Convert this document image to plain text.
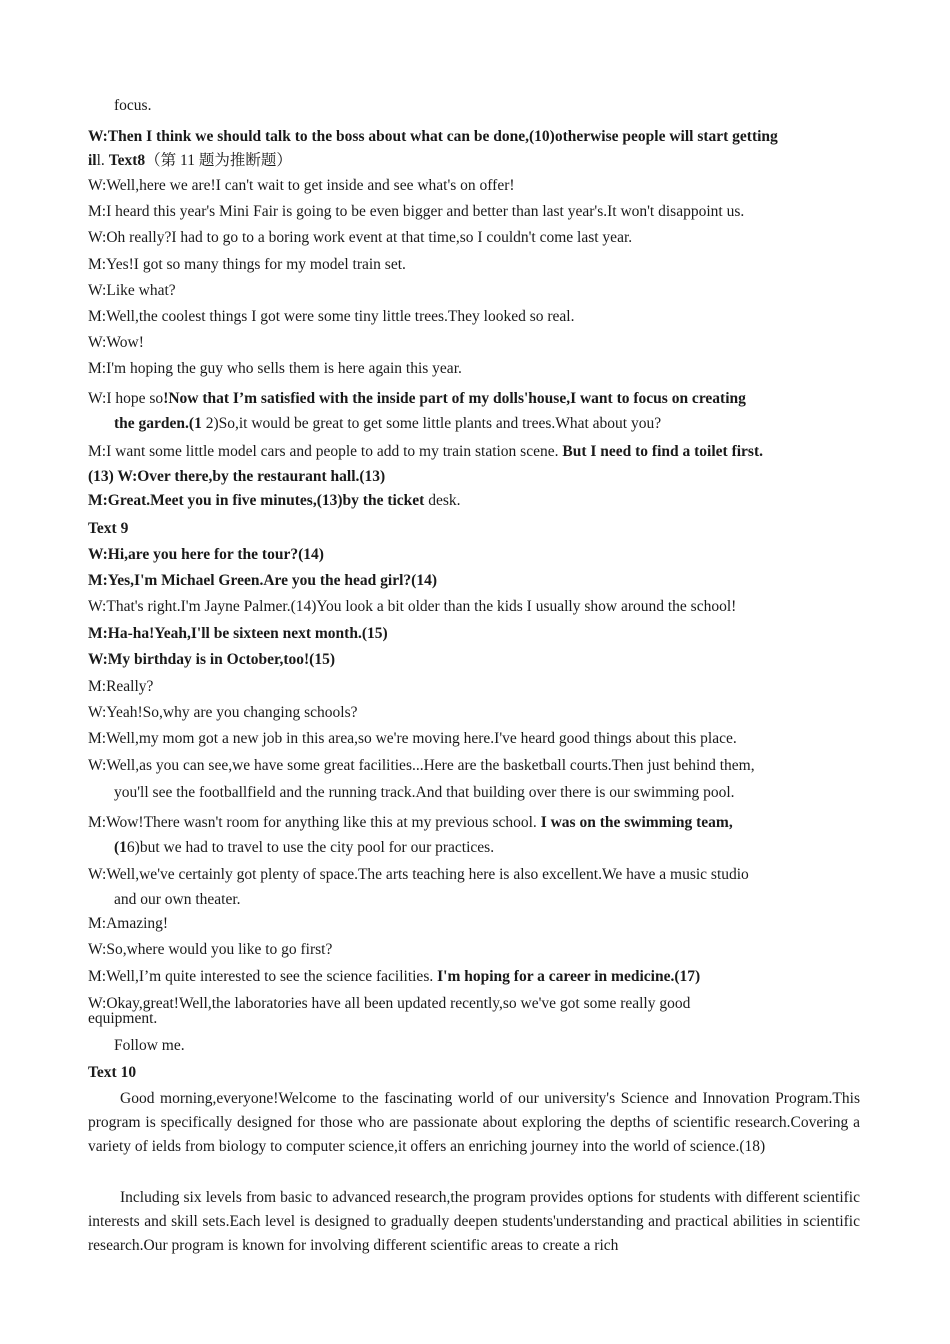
focus.
W:Then I think we should talk to the boss about what can be done,(10)otherwise people will start getting
ill. Text8（第 11 题为推断题）
W:Well,here we are!I can't wait to get inside and see what's on offer!
M:I heard this year's Mini Fair is going to be even bigger and better than last year's.It won't disappoint us.
W:Oh really?I had to go to a boring work event at that time,so I couldn't come last year.
M:Yes!I got so many things for my model train set.
W:Like what?
M:Well,the coolest things I got were some tiny little trees.They looked so real.
W:Wow!
M:I'm hoping the guy who sells them is here again this year.
W:I hope so!Now that I’m satisfied with the inside part of my dolls'house,I want to focus on creating
the garden.(1 2)So,it would be great to get some little plants and trees.What about you?
M:I want some little model cars and people to add to my train station scene. But I need to find a toilet first.
(13) W:Over there,by the restaurant hall.(13)
M:Great.Meet you in five minutes,(13)by the ticket desk.
Text 9
W:Hi,are you here for the tour?(14)
M:Yes,I'm Michael Green.Are you the head girl?(14)
W:That's right.I'm Jayne Palmer.(14)You look a bit older than the kids I usually show around the school!
M:Ha-ha!Yeah,I'll be sixteen next month.(15)
W:My birthday is in October,too!(15)
M:Really?
W:Yeah!So,why are you changing schools?
M:Well,my mom got a new job in this area,so we're moving here.I've heard good things about this place.
W:Well,as you can see,we have some great facilities...Here are the basketball courts.Then just behind them,
you'll see the footballfield and the running track.And that building over there is our swimming pool.
M:Wow!There wasn't room for anything like this at my previous school. I was on the swimming team,
(16)but we had to travel to use the city pool for our practices.
W:Well,we've certainly got plenty of space.The arts teaching here is also excellent.We have a music studio
and our own theater.
M:Amazing!
W:So,where would you like to go first?
M:Well,I’m quite interested to see the science facilities. I'm hoping for a career in medicine.(17)
W:Okay,great!Well,the laboratories have all been updated recently,so we've got some really good
equipment.
Follow me.
Text 10

Good morning,everyone!Welcome to the fascinating world of our university's Science and Innovation Program.This program is specifically designed for those who are passionate about exploring the depths of scientific research.Covering a variety of ields from biology to computer science,it offers an enriching journey into the world of science.(18)

Including six levels from basic to advanced research,the program provides options for students with different scientific interests and skill sets.Each level is designed to gradually deepen students'understanding and practical abilities in scientific research.Our program is known for involving different scientific areas to create a rich
